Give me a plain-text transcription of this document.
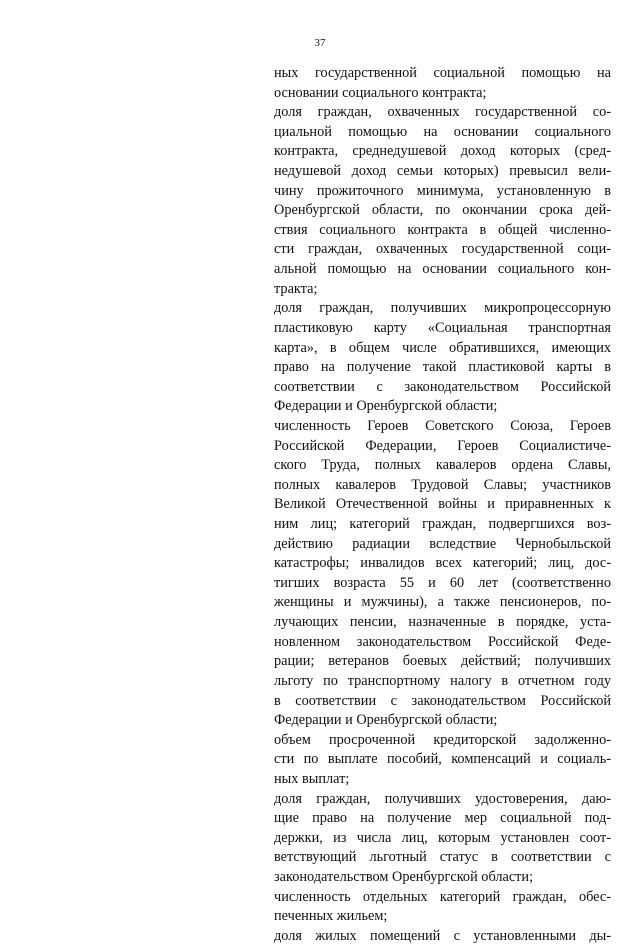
37
ных государственной социальной помощью на
основании социального контракта;
доля граждан, охваченных государственной со-
циальной помощью на основании социального
контракта, среднедушевой доход которых (сред-
недушевой доход семьи которых) превысил вели-
чину прожиточного минимума, установленную в
Оренбургской области, по окончании срока дей-
ствия социального контракта в общей численно-
сти граждан, охваченных государственной соци-
альной помощью на основании социального кон-
тракта;
доля граждан, получивших микропроцессорную
пластиковую карту «Социальная транспортная
карта», в общем числе обратившихся, имеющих
право на получение такой пластиковой карты в
соответствии с законодательством Российской
Федерации и Оренбургской области;
численность Героев Советского Союза, Героев
Российской Федерации, Героев Социалистиче-
ского Труда, полных кавалеров ордена Славы,
полных кавалеров Трудовой Славы; участников
Великой Отечественной войны и приравненных к
ним лиц; категорий граждан, подвергшихся воз-
действию радиации вследствие Чернобыльской
катастрофы; инвалидов всех категорий; лиц, дос-
тигших возраста 55 и 60 лет (соответственно
женщины и мужчины), а также пенсионеров, по-
лучающих пенсии, назначенные в порядке, уста-
новленном законодательством Российской Феде-
рации; ветеранов боевых действий; получивших
льготу по транспортному налогу в отчетном году
в соответствии с законодательством Российской
Федерации и Оренбургской области;
объем просроченной кредиторской задолженно-
сти по выплате пособий, компенсаций и социаль-
ных выплат;
доля граждан, получивших удостоверения, даю-
щие право на получение мер социальной под-
держки, из числа лиц, которым установлен соот-
ветствующий льготный статус в соответствии с
законодательством Оренбургской области;
численность отдельных категорий граждан, обес-
печенных жильем;
доля жилых помещений с установленными ды-
